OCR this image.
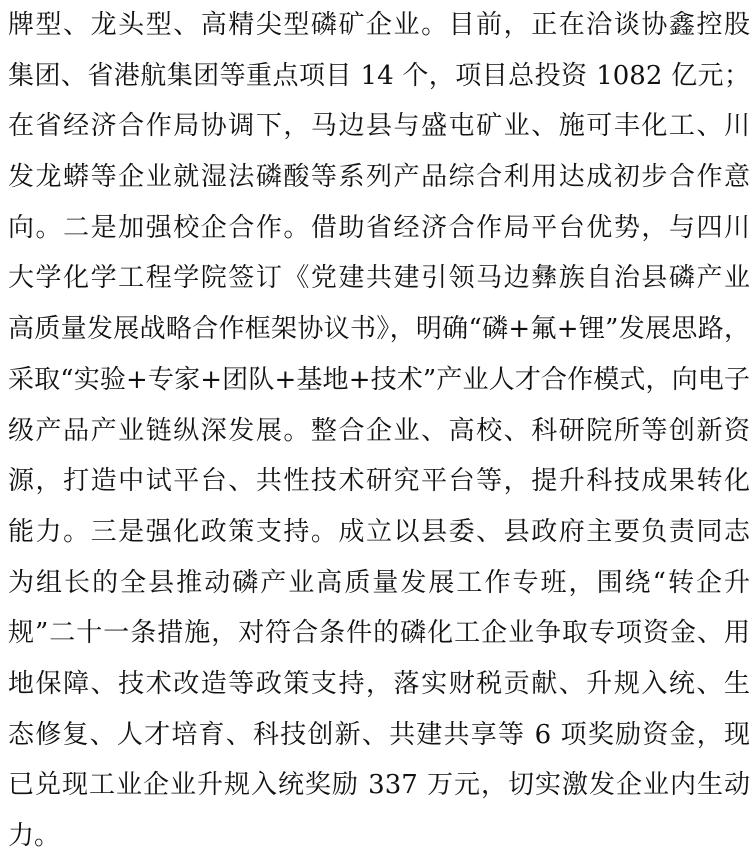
牌型、龙头型、高精尖型磷矿企业。目前，正在洽谈协鑫控股
集团、省港航集团等重点项目 14 个，项目总投资 1082 亿元；
在省经济合作局协调下，马边县与盛屯矿业、施可丰化工、川
发龙蟒等企业就湿法磷酸等系列产品综合利用达成初步合作意
向。二是加强校企合作。借助省经济合作局平台优势，与四川
大学化学工程学院签订《党建共建引领马边彝族自治县磷产业
高质量发展战略合作框架协议书》，明确“磷+氟+锂”发展思路，
采取“实验+专家+团队+基地+技术”产业人才合作模式，向电子
级产品产业链纵深发展。整合企业、高校、科研院所等创新资
源，打造中试平台、共性技术研究平台等，提升科技成果转化
能力。三是强化政策支持。成立以县委、县政府主要负责同志
为组长的全县推动磷产业高质量发展工作专班，围绕“转企升
规”二十一条措施，对符合条件的磷化工企业争取专项资金、用
地保障、技术改造等政策支持，落实财税贡献、升规入统、生
态修复、人才培育、科技创新、共建共享等 6 项奖励资金，现
已兑现工业企业升规入统奖励 337 万元，切实激发企业内生动
力。
